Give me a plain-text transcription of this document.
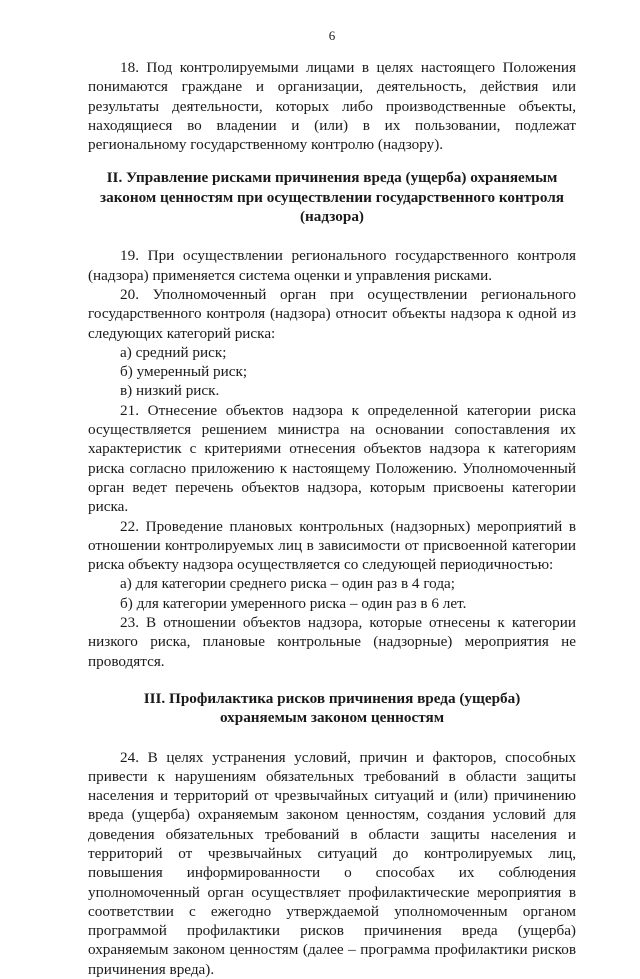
6

18. Под контролируемыми лицами в целях настоящего Положения понимаются граждане и организации, деятельность, действия или результаты деятельности, которых либо производственные объекты, находящиеся во владении и (или) в их пользовании, подлежат региональному государственному контролю (надзору).

II. Управление рисками причинения вреда (ущерба) охраняемым законом ценностям при осуществлении государственного контроля (надзора)

19. При осуществлении регионального государственного контроля (надзора) применяется система оценки и управления рисками.

20. Уполномоченный орган при осуществлении регионального государственного контроля (надзора) относит объекты надзора к одной из следующих категорий риска:

а) средний риск;

б) умеренный риск;

в) низкий риск.

21. Отнесение объектов надзора к определенной категории риска осуществляется решением министра на основании сопоставления их характеристик с критериями отнесения объектов надзора к категориям риска согласно приложению к настоящему Положению. Уполномоченный орган ведет перечень объектов надзора, которым присвоены категории риска.

22. Проведение плановых контрольных (надзорных) мероприятий в отношении контролируемых лиц в зависимости от присвоенной категории риска объекту надзора осуществляется со следующей периодичностью:

а) для категории среднего риска – один раз в 4 года;

б) для категории умеренного риска – один раз в 6 лет.

23. В отношении объектов надзора, которые отнесены к категории низкого риска, плановые контрольные (надзорные) мероприятия не проводятся.

III. Профилактика рисков причинения вреда (ущерба)
охраняемым законом ценностям

24. В целях устранения условий, причин и факторов, способных привести к нарушениям обязательных требований в области защиты населения и территорий от чрезвычайных ситуаций и (или) причинению вреда (ущерба) охраняемым законом ценностям, создания условий для доведения обязательных требований в области защиты населения и территорий от чрезвычайных ситуаций до контролируемых лиц, повышения информированности о способах их соблюдения уполномоченный орган осуществляет профилактические мероприятия в соответствии с ежегодно утверждаемой уполномоченным органом программой профилактики рисков причинения вреда (ущерба) охраняемым законом ценностям (далее – программа профилактики рисков причинения вреда).
